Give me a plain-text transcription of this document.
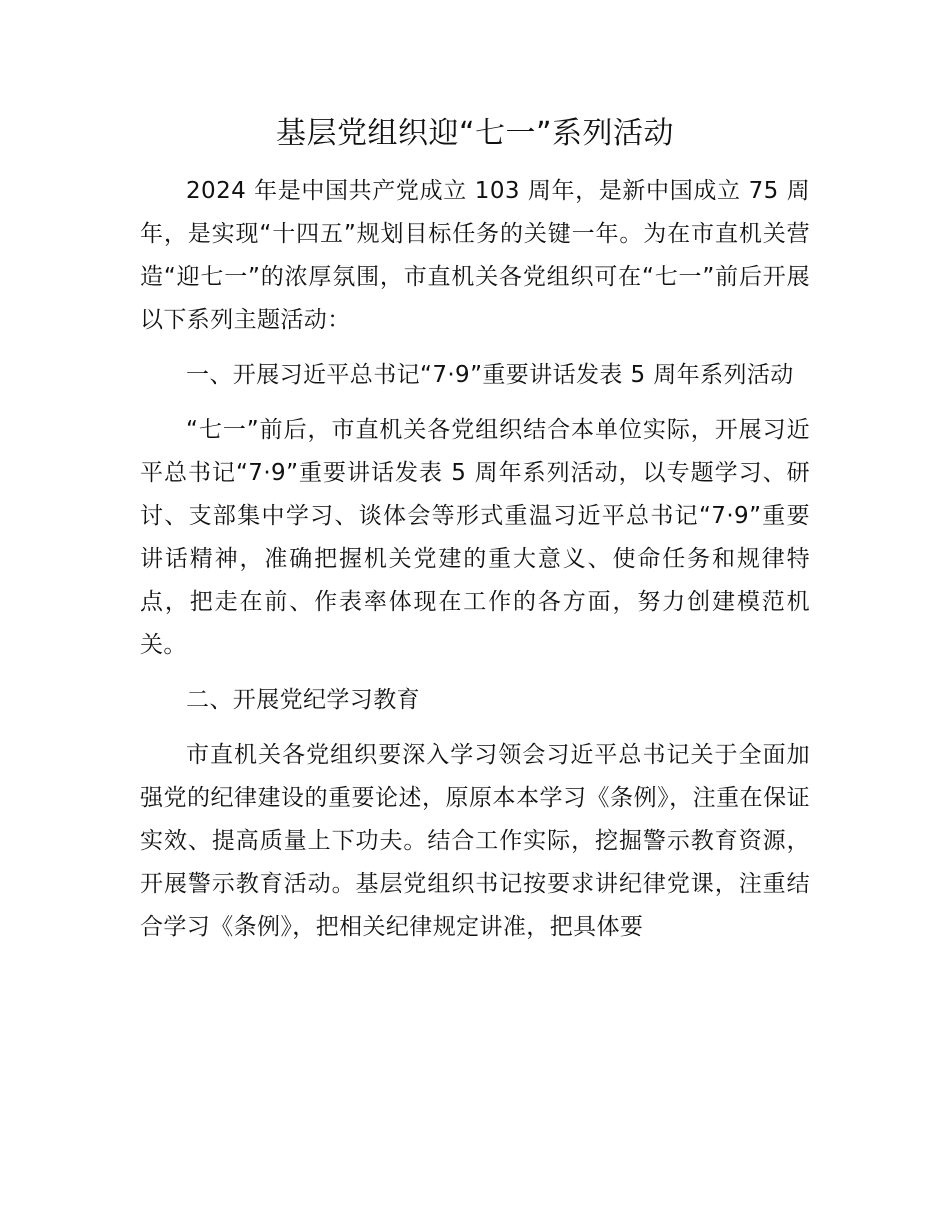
基层党组织迎“七一”系列活动

2024 年是中国共产党成立 103 周年，是新中国成立 75 周年，是实现“十四五”规划目标任务的关键一年。为在市直机关营造“迎七一”的浓厚氛围，市直机关各党组织可在“七一”前后开展以下系列主题活动：

一、开展习近平总书记“7·9”重要讲话发表 5 周年系列活动

“七一”前后，市直机关各党组织结合本单位实际，开展习近平总书记“7·9”重要讲话发表 5 周年系列活动，以专题学习、研讨、支部集中学习、谈体会等形式重温习近平总书记“7·9”重要讲话精神，准确把握机关党建的重大意义、使命任务和规律特点，把走在前、作表率体现在工作的各方面，努力创建模范机关。

二、开展党纪学习教育

市直机关各党组织要深入学习领会习近平总书记关于全面加强党的纪律建设的重要论述，原原本本学习《条例》，注重在保证实效、提高质量上下功夫。结合工作实际，挖掘警示教育资源，开展警示教育活动。基层党组织书记按要求讲纪律党课，注重结合学习《条例》，把相关纪律规定讲准，把具体要
